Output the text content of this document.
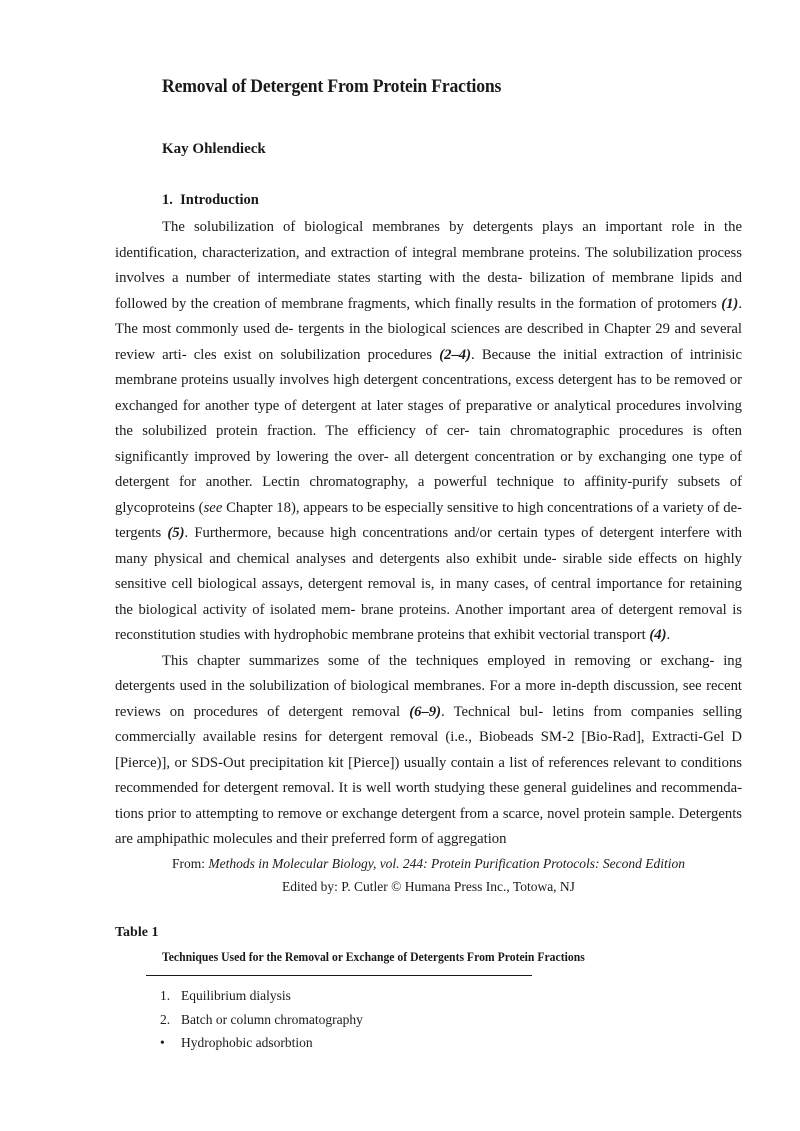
Removal of Detergent From Protein Fractions
Kay Ohlendieck
1. Introduction

The solubilization of biological membranes by detergents plays an important role in the identification, characterization, and extraction of integral membrane proteins. The solubilization process involves a number of intermediate states starting with the desta- bilization of membrane lipids and followed by the creation of membrane fragments, which finally results in the formation of protomers (1). The most commonly used de- tergents in the biological sciences are described in Chapter 29 and several review arti- cles exist on solubilization procedures (2–4). Because the initial extraction of intrinisic membrane proteins usually involves high detergent concentrations, excess detergent has to be removed or exchanged for another type of detergent at later stages of preparative or analytical procedures involving the solubilized protein fraction. The efficiency of cer- tain chromatographic procedures is often significantly improved by lowering the over- all detergent concentration or by exchanging one type of detergent for another. Lectin chromatography, a powerful technique to affinity-purify subsets of glycoproteins (see Chapter 18), appears to be especially sensitive to high concentrations of a variety of de- tergents (5). Furthermore, because high concentrations and/or certain types of detergent interfere with many physical and chemical analyses and detergents also exhibit unde- sirable side effects on highly sensitive cell biological assays, detergent removal is, in many cases, of central importance for retaining the biological activity of isolated mem- brane proteins. Another important area of detergent removal is reconstitution studies with hydrophobic membrane proteins that exhibit vectorial transport (4).

This chapter summarizes some of the techniques employed in removing or exchang- ing detergents used in the solubilization of biological membranes. For a more in-depth discussion, see recent reviews on procedures of detergent removal (6–9). Technical bul- letins from companies selling commercially available resins for detergent removal (i.e., Biobeads SM-2 [Bio-Rad], Extracti-Gel D [Pierce)], or SDS-Out precipitation kit [Pierce]) usually contain a list of references relevant to conditions recommended for detergent removal. It is well worth studying these general guidelines and recommenda- tions prior to attempting to remove or exchange detergent from a scarce, novel protein sample. Detergents are amphipathic molecules and their preferred form of aggregation

From: Methods in Molecular Biology, vol. 244: Protein Purification Protocols: Second Edition
Edited by: P. Cutler © Humana Press Inc., Totowa, NJ
Table 1
Techniques Used for the Removal or Exchange of Detergents From Protein Fractions
1. Equilibrium dialysis
2. Batch or column chromatography
•	Hydrophobic adsorbtion
